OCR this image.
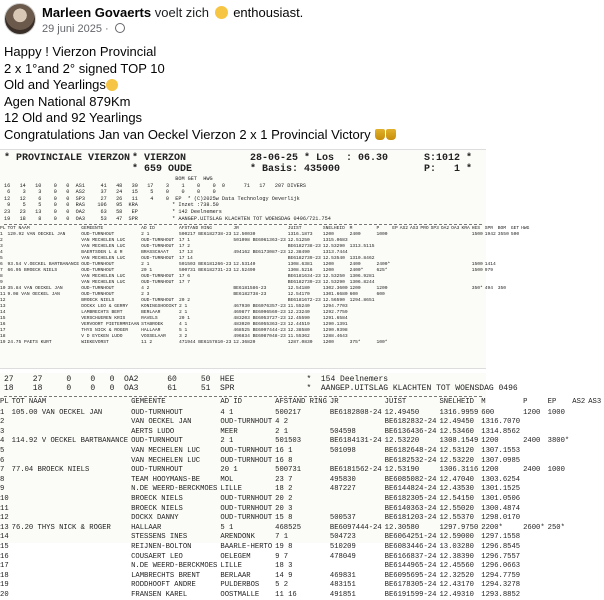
Marleen Govaerts voelt zich enthousiast.
29 juni 2025 ·
Happy ! Vierzon Provincial
2 x 1°and 2° signed TOP 10
Old and Yearlings
Agen National 879Km
12 Old and 92 Yearlings
Congratulations Jan van Oeckel Vierzon 2 x 1 Provincial Victory
* PROVINCIALE VIERZON * VIERZON
* 659 OUDE
28-06-25 * Los  : 06.30
* Basis: 435000
S:1012 *
P:   1 *
BOM GET  HWG
16   14   10    0   0  AS1     41   48   30   17    3    1    0    0  0      71   17   207 DIVERS
6    3    3    0   0  AS2     37   24   15    5    0    0    0    0
12   12    6    0   0  SP3     27   26   11    4    0  EP  * (C)2025w Data Technology Oeverlijk
9    5    5    0   0  RAS    106   95  KRA           * Inzet :738.50
23   23   13    0   0  OA2     63   58   EP           * 142 Deelnemers
19   18    8    0   0  OA3     53   47  SPR           * AANGEP.UITSLAG KLACHTEN TOT WOENSDAG 0496/721.754
PL	TOT NAAM	GEMEENTE	AD ID	AFSTAND RING	JR	JUIST	SNELHEID	M	P	EP	AS2	AS3	PRO	SP3	OA2	OA3	KRA	HES	SPR	BOM	GET	HWG
1	120.92 VAN OECKEL JAN	OUD-TURNHOUT	2 1	500217 BE6182738-23	12.50030	1316.1873	1200	2400	1000									1500	1942	3550	500	
2		VAN MECHELEN LUC	OUD-TURNHOUT	17 1	501098 BE6061363-23	12.51250	1315.0683															
3		VAN MECHELEN LUC	OUD-TURNHOUT	17 2		BE6182738-23	12.53290	1313.5115														
4		BAERTSOEN L & R	BRASSCHAAT	17 13	494162 BE6173087-23	12.38490	1313.7444															
5		VAN MECHELEN LUC	OUD-TURNHOUT	17 14		BE6182739-23	12.53540	1310.8462														
6	93.54 V.OECKEL BARTBANANCE	OUD-TURNHOUT	2 1	501503 BE6181266-23	12.53140	1308.6381	1200	2400	2400*									1500	1414			
7	66.95 BROECK NIELS	OUD-TURNHOUT	20 1	500731 BE6182731-23	12.52490	1308.5216	1200	2400*	625*									1500	979			
8		VAN MECHELEN LUC	OUD-TURNHOUT	17 6		BE6181634-23	12.53250	1306.9281														
9		VAN MECHELEN LUC	OUD-TURNHOUT	17 7		BE6182739-23	12.53290	1306.8244														
10	35.84 VAN OECKEL JAN	OUD-TURNHOUT	4 2		BE6181586-23	12.54180	1302.3600	1200	1200									350*	494	350		
11	9.08 VAN OECKEL JAN	OUD-TURNHOUT	2 3		BE6182738-23	12.54170	1301.6680	600	600													
12		BROECK NIELS	OUD-TURNHOUT	20 2		BE6181672-23	12.56590	1294.8651														
13		DOCKX LEO & GERRY	KONINGSHOOIKT	2 1	467930 BE6076357-23	11.55240	1294.7703															
14		LAMBRECHTS BERT	BERLAAR	2 1	469877 BE6096569-23	12.23240	1292.7759															
15		VERSCHUEREN KRIS	RAVELS	20 1	483203 BE6053727-23	12.45590	1291.6584															
16		VERVOORT PIETERMRIAAN	STABROEK	4 1	483020 BE6055363-23	12.44519	1290.1391															
17		THYS NICK & ROGER	HALLAAR	5 1	468525 BE6097444-23	12.38580	1290.9398															
18		V D EYCKEN LUDO	VOSSELAAR	3 2	496834 BE6087048-23	11.55362	1288.4643															
19	24.75 PAETS KURT	WIEKEVORST	11 2	471944 BE6157810-23	12.36820	1287.0830	1200	375*	100*													
27    27     0    0   0  OA2      60     50  HEE               *  154 Deelnemers
18    18     0    0   0  OA3      61     51  SPR               *  AANGEP.UITSLAG KLACHTEN TOT WOENSDAG 0496
PL	TOT NAAM	GEMEENTE	AD ID	AFSTAND RING	JR	JUIST	SNELHEID	M	P	EP	AS2	AS3
1	105.00 VAN OECKEL JAN	OUD-TURNHOUT	4 1	500217	BE6182808-24	12.49450	1316.9959	600	1200	1000		
2		VAN OECKEL JAN	OUD-TURNHOUT	4 2		BE6182832-24	12.49450	1316.7070				
3		AERTS LUDO	MEER	2 1	504598	BE6136436-24	12.53460	1314.8562				
4	114.92 V OECKEL BARTBANANCE	OUD-TURNHOUT	2 1	501503	BE6184131-24	12.53220	1308.1549	1200	2400	3800*		
5		VAN MECHELEN LUC	OUD-TURNHOUT	16 1	501098	BE6182648-24	12.53120	1307.1553				
6		VAN MECHELEN LUC	OUD-TURNHOUT	16 8		BE6182532-24	12.53220	1307.0985				
7	77.04 BROECK NIELS	OUD-TURNHOUT	20 1	500731	BE6181562-24	12.53190	1306.3116	1200	2400	1000		
8		TEAM HOOYMANS-BE	MOL	23 7	495830	BE6085082-24	12.47040	1303.6254				
9		N.DE WEERD-BERCKMOES	LILLE	18 2	487227	BE6144824-24	12.43530	1301.1525				
10		BROECK NIELS	OUD-TURNHOUT	20 2		BE6182305-24	12.54150	1301.0506				
11		BROECK NIELS	OUD-TURNHOUT	20 3		BE6140363-24	12.55020	1300.4874				
12		DOCKX DANNY	OUD-TURNHOUT	15 8	500537	BE6181203-24	12.55370	1298.0170				
13	76.20 THYS NICK & ROGER	HALLAAR	5 1	468525	BE6097444-24	12.30580	1297.9750	2200*	2600*	250*		
14		STESSENS INES	ARENDONK	7 1	504723	BE6064251-24	12.59000	1297.1558				
15		REIJNEN-BOLTON	BAARLE-HERTO	19 8	510209	BE6083446-24	13.03280	1296.8545				
16		COUSAERT LEO	OELEGEM	9 7	478049	BE6166837-24	12.38390	1296.7557				
17		N.DE WEERD-BERCKMOES	LILLE	18 3		BE6144965-24	12.45560	1296.0663				
18		LAMBRECHTS BRENT	BERLAAR	14 9	469831	BE6095695-24	12.32520	1294.7759				
19		RODDHOOFT ANDRE	PULDERBOS	5 2	483151	BE6178305-24	12.43170	1294.3278				
20		FRANSEN KAREL	OOSTMALLE	11 16	491851	BE6191599-24	12.49310	1293.8852				
